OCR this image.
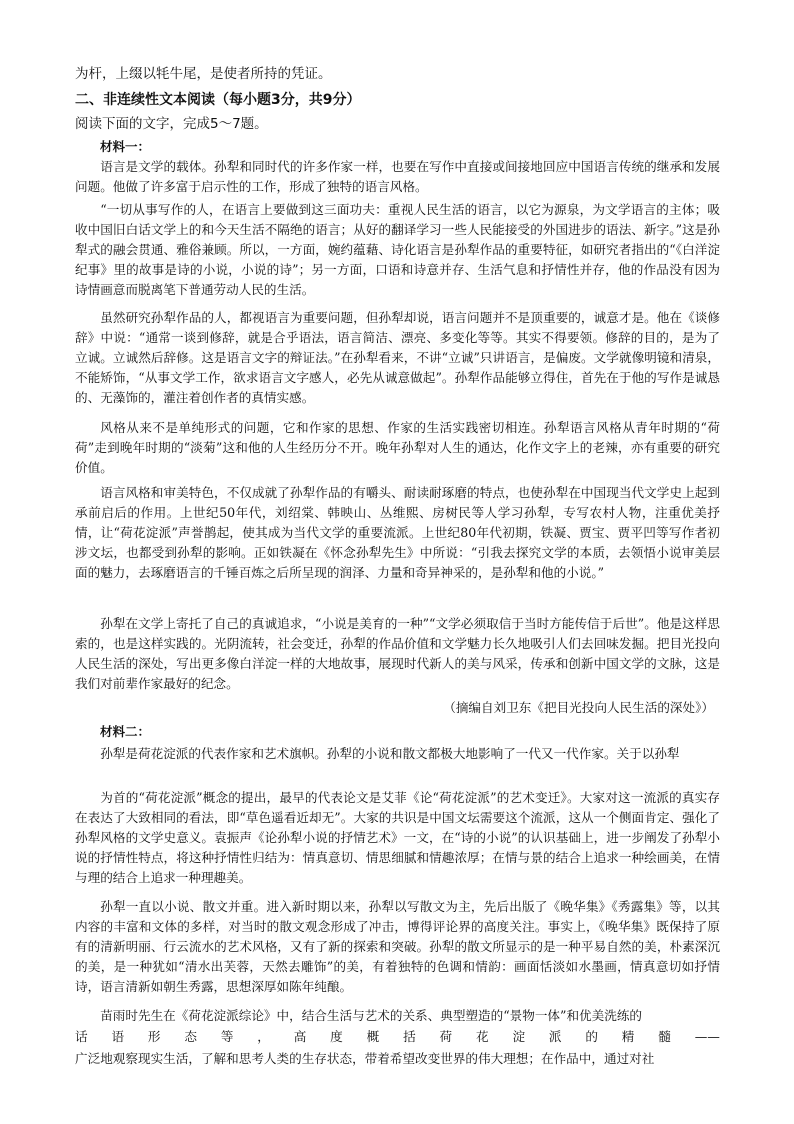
为杆，上缀以牦牛尾，是使者所持的凭证。
二、非连续性文本阅读（每小题3分，共9分）
阅读下面的文字，完成5～7题。
材料一：

语言是文学的载体。孙犁和同时代的许多作家一样，也要在写作中直接或间接地回应中国语言传统的继承和发展问题。他做了许多富于启示性的工作，形成了独特的语言风格。

“一切从事写作的人，在语言上要做到这三面功夫：重视人民生活的语言，以它为源泉，为文学语言的主体；吸收中国旧白话文学上的和今天生活不隔绝的语言；从好的翻译学习一些人民能接受的外国进步的语法、新字。”这是孙犁式的融会贯通、雅俗兼顾。所以，一方面，婉约蕴藉、诗化语言是孙犁作品的重要特征，如研究者指出的“《白洋淀纪事》里的故事是诗的小说，小说的诗”；另一方面，口语和诗意并存、生活气息和抒情性并存，他的作品没有因为诗情画意而脱离笔下普通劳动人民的生活。

虽然研究孙犁作品的人，都视语言为重要问题，但孙犁却说，语言问题并不是顶重要的，诚意才是。他在《谈修辞》中说：“通常一谈到修辞，就是合乎语法，语言简洁、漂亮、多变化等等。其实不得要领。修辞的目的，是为了立诚。立诚然后辞修。这是语言文字的辩证法。”在孙犁看来，不讲“立诚”只讲语言，是偏废。文学就像明镜和清泉，不能矫饰，“从事文学工作，欲求语言文字感人，必先从诚意做起”。孙犁作品能够立得住，首先在于他的写作是诚恳的、无藻饰的，灌注着创作者的真情实感。

风格从来不是单纯形式的问题，它和作家的思想、作家的生活实践密切相连。孙犁语言风格从青年时期的“荷荷”走到晚年时期的“淡菊”这和他的人生经历分不开。晚年孙犁对人生的通达，化作文字上的老辣，亦有重要的研究价值。

语言风格和审美特色，不仅成就了孙犁作品的有嚼头、耐读耐琢磨的特点，也使孙犁在中国现当代文学史上起到承前启后的作用。上世纪50年代，刘绍棠、韩映山、丛维熙、房树民等人学习孙犁，专写农村人物，注重优美抒情，让“荷花淀派”声誉鹊起，使其成为当代文学的重要流派。上世纪80年代初期，铁凝、贾宝、贾平凹等写作者初涉文坛，也都受到孙犁的影响。正如铁凝在《怀念孙犁先生》中所说：“引我去探究文学的本质，去领悟小说审美层面的魅力，去琢磨语言的千锤百炼之后所呈现的润泽、力量和奇异神采的，是孙犁和他的小说。”

孙犁在文学上寄托了自己的真诚追求，“小说是美育的一种”“文学必须取信于当时方能传信于后世”。他是这样思索的，也是这样实践的。光阴流转，社会变迁，孙犁的作品价值和文学魅力长久地吸引人们去回味发掘。把目光投向人民生活的深处，写出更多像白洋淀一样的大地故事，展现时代新人的美与风采，传承和创新中国文学的文脉，这是我们对前辈作家最好的纪念。

（摘编自刘卫东《把目光投向人民生活的深处》）
材料二：

孙犁是荷花淀派的代表作家和艺术旗帜。孙犁的小说和散文都极大地影响了一代又一代作家。关于以孙犁

为首的“荷花淀派”概念的提出，最早的代表论文是艾菲《论“荷花淀派”的艺术变迁》。大家对这一流派的真实存在表达了大致相同的看法，即“草色遥看近却无”。大家的共识是中国文坛需要这个流派，这从一个侧面肯定、强化了孙犁风格的文学史意义。袁振声《论孙犁小说的抒情艺术》一文，在“诗的小说”的认识基础上，进一步阐发了孙犁小说的抒情性特点，将这种抒情性归结为：情真意切、情思细腻和情趣浓厚；在情与景的结合上追求一种绘画美，在情与理的结合上追求一种理趣美。

孙犁一直以小说、散文并重。进入新时期以来，孙犁以写散文为主，先后出版了《晚华集》《秀露集》等，以其内容的丰富和文体的多样，对当时的散文观念形成了冲击，博得评论界的高度关注。事实上，《晚华集》既保持了原有的清新明丽、行云流水的艺术风格，又有了新的探索和突破。孙犁的散文所显示的是一种平易自然的美，朴素深沉的美，是一种犹如“清水出芙蓉，天然去雕饰”的美，有着独特的色调和情韵：画面恬淡如水墨画，情真意切如抒情诗，语言清新如朝生秀露，思想深厚如陈年纯酿。

苗雨时先生在《荷花淀派综论》中，结合生活与艺术的关系、典型塑造的“景物一体”和优美洗练的

话 语 形 态 等 ， 高 度 概 括 荷 花 淀 派 的 精 髓 ——

广泛地观察现实生活，了解和思考人类的生存状态，带着希望改变世界的伟大理想；在作品中，通过对社
